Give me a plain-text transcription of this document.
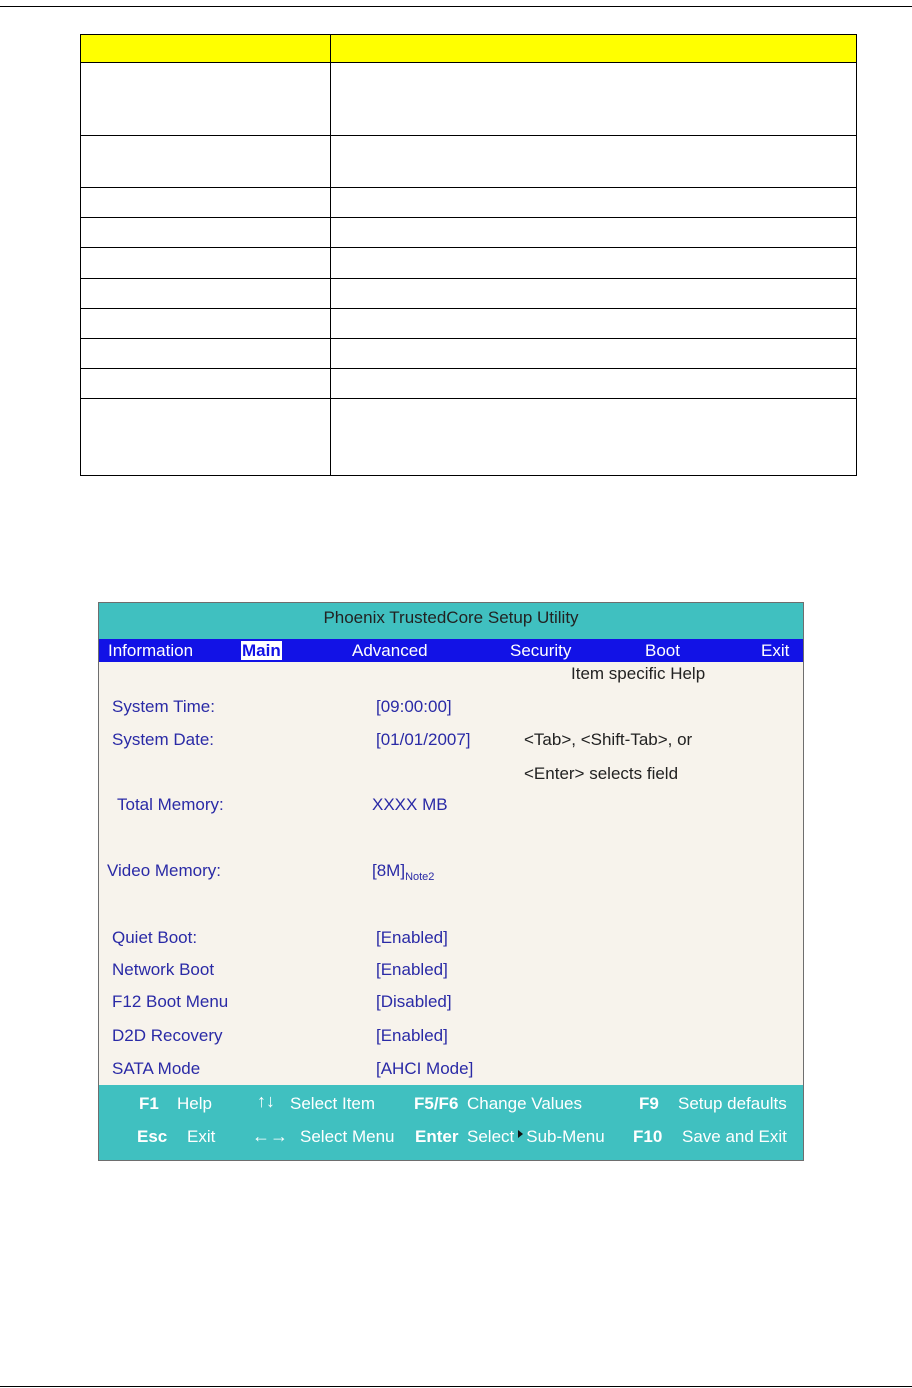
Phoenix TrustedCore Setup Utility
Information	Main	Advanced	Security	Boot	Exit
Item specific Help
<Tab>, <Shift-Tab>, or
<Enter> selects field
System Time:	[09:00:00]
System Date:	[01/01/2007]
Total Memory:	XXXX MB
Video Memory:	$[8M]_{Note2}$
Quiet Boot:	[Enabled]
Network Boot	[Enabled]
F12 Boot Menu	[Disabled]
D2D Recovery	[Enabled]
SATA Mode	[AHCI Mode]
F1 Help	↑↓ Select Item F5/F6 Change Values	F9 Setup defaults
Esc Exit ←→ Select Menu Enter Select Sub-Menu F10 Save and Exit
